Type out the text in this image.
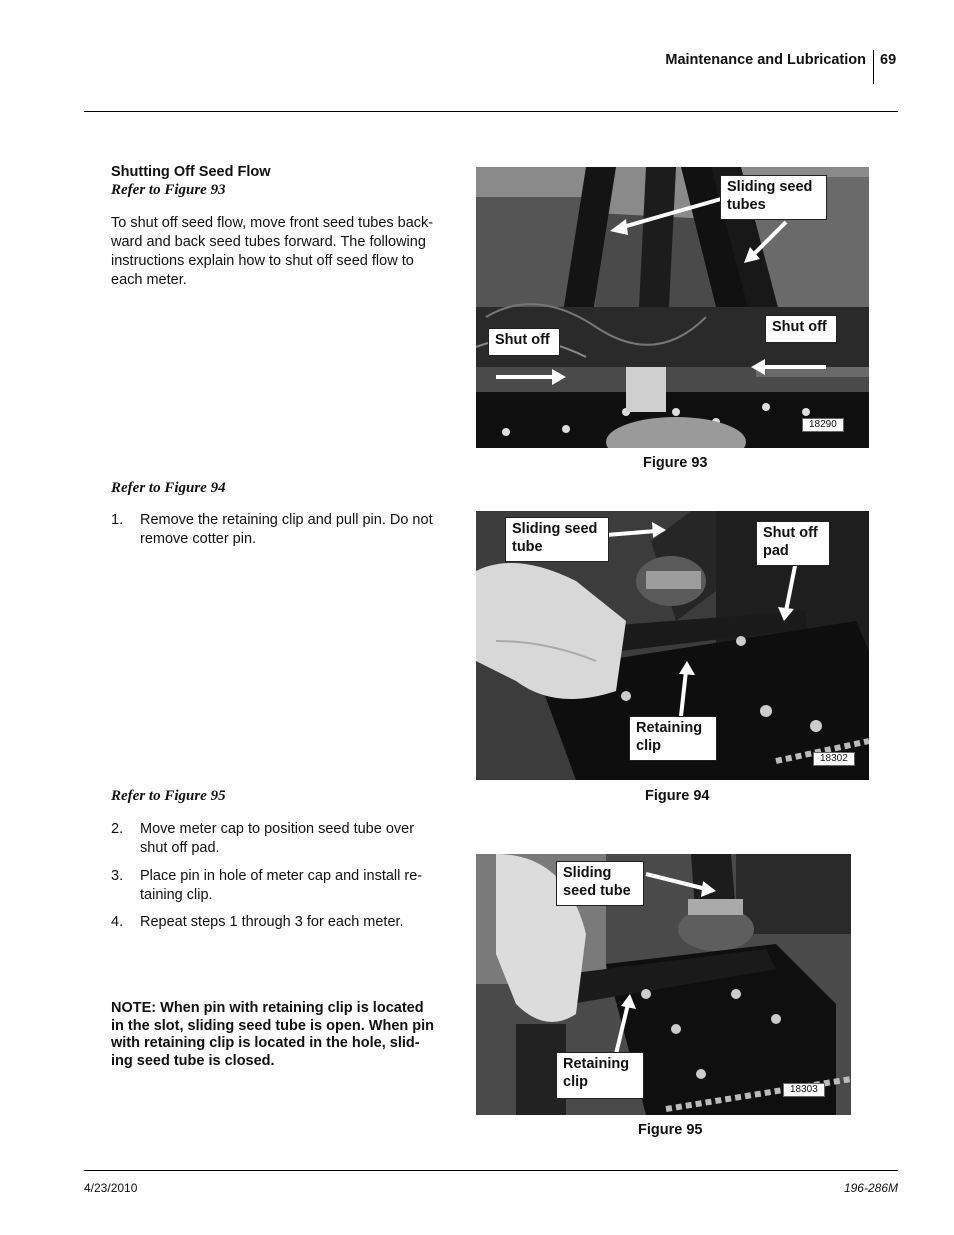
Maintenance and Lubrication 69
Shutting Off Seed Flow
Refer to Figure 93
To shut off seed flow, move front seed tubes back-
ward and back seed tubes forward. The following
instructions explain how to shut off seed flow to
each meter.
Refer to Figure 94
1. Remove the retaining clip and pull pin. Do not
remove cotter pin.
Refer to Figure 95
2. Move meter cap to position seed tube over
shut off pad.
3. Place pin in hole of meter cap and install re-
taining clip.
4. Repeat steps 1 through 3 for each meter.
NOTE: When pin with retaining clip is located
in the slot, sliding seed tube is open. When pin
with retaining clip is located in the hole, slid-
ing seed tube is closed.
Sliding seed
tubes
Shut off
Shut off
18290
Figure 93
Sliding seed
tube
Shut off
pad
Retaining
clip
18302
Figure 94
Sliding
seed tube
Retaining
clip	18303
Figure 95
4/23/2010	196-286M
